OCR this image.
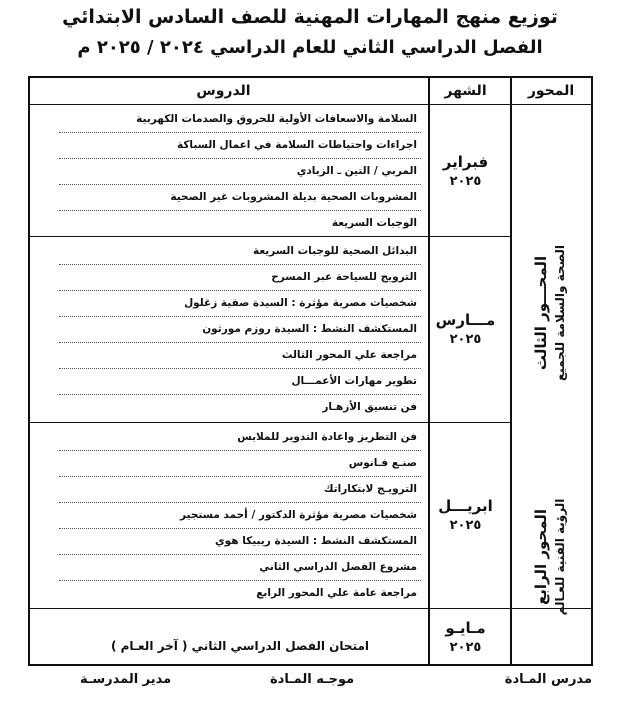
توزيع منهج المهارات المهنية للصف السادس الابتدائي
الفصل الدراسي الثاني للعام الدراسي ٢٠٢٤ / ٢٠٢٥ م
المحور
الشهر
الدروس
السلامة والاسعافات الأولية للحروق والصدمات الكهربية
اجراءات واحتياطات السلامة في اعمال السباكة
المربي / التين ـ الزبادي
المشروبات الصحية بديلة المشروبات غير الصحية
الوجبات السريعة
فبراير
٢٠٢٥
البدائل الصحية للوجبات السريعة
الترويج للسياحة عبر المسرح
شخصيات مصرية مؤثرة : السيدة صفية زغلول
المستكشف النشط : السيدة روزم مورثون
مراجعة علي المحور الثالث
تطوير مهارات الأعمـــال
فن تنسيق الأزهـار
مـــارس
٢٠٢٥
فن التطريز واعادة التدوير للملابس
صنـع فـانوس
الترويـج لابتكاراتك
شخصيات مصرية مؤثرة الدكتور / أحمد مستجير
المستكشف النشط : السيدة ريبيكا هوي
مشروع الفصل الدراسي الثاني
مراجعة عامة علي المحور الرابع
ابريـــل
٢٠٢٥
امتحان الفصل الدراسي الثاني ( آخر العـام )
مـايـو
٢٠٢٥
المحـــور الثالث الصحة والسلامة للجميع
المحور الرابع الرؤية الفنية للعـالم
مدرس المـادة
موجـه المـادة
مدير المدرسـة
